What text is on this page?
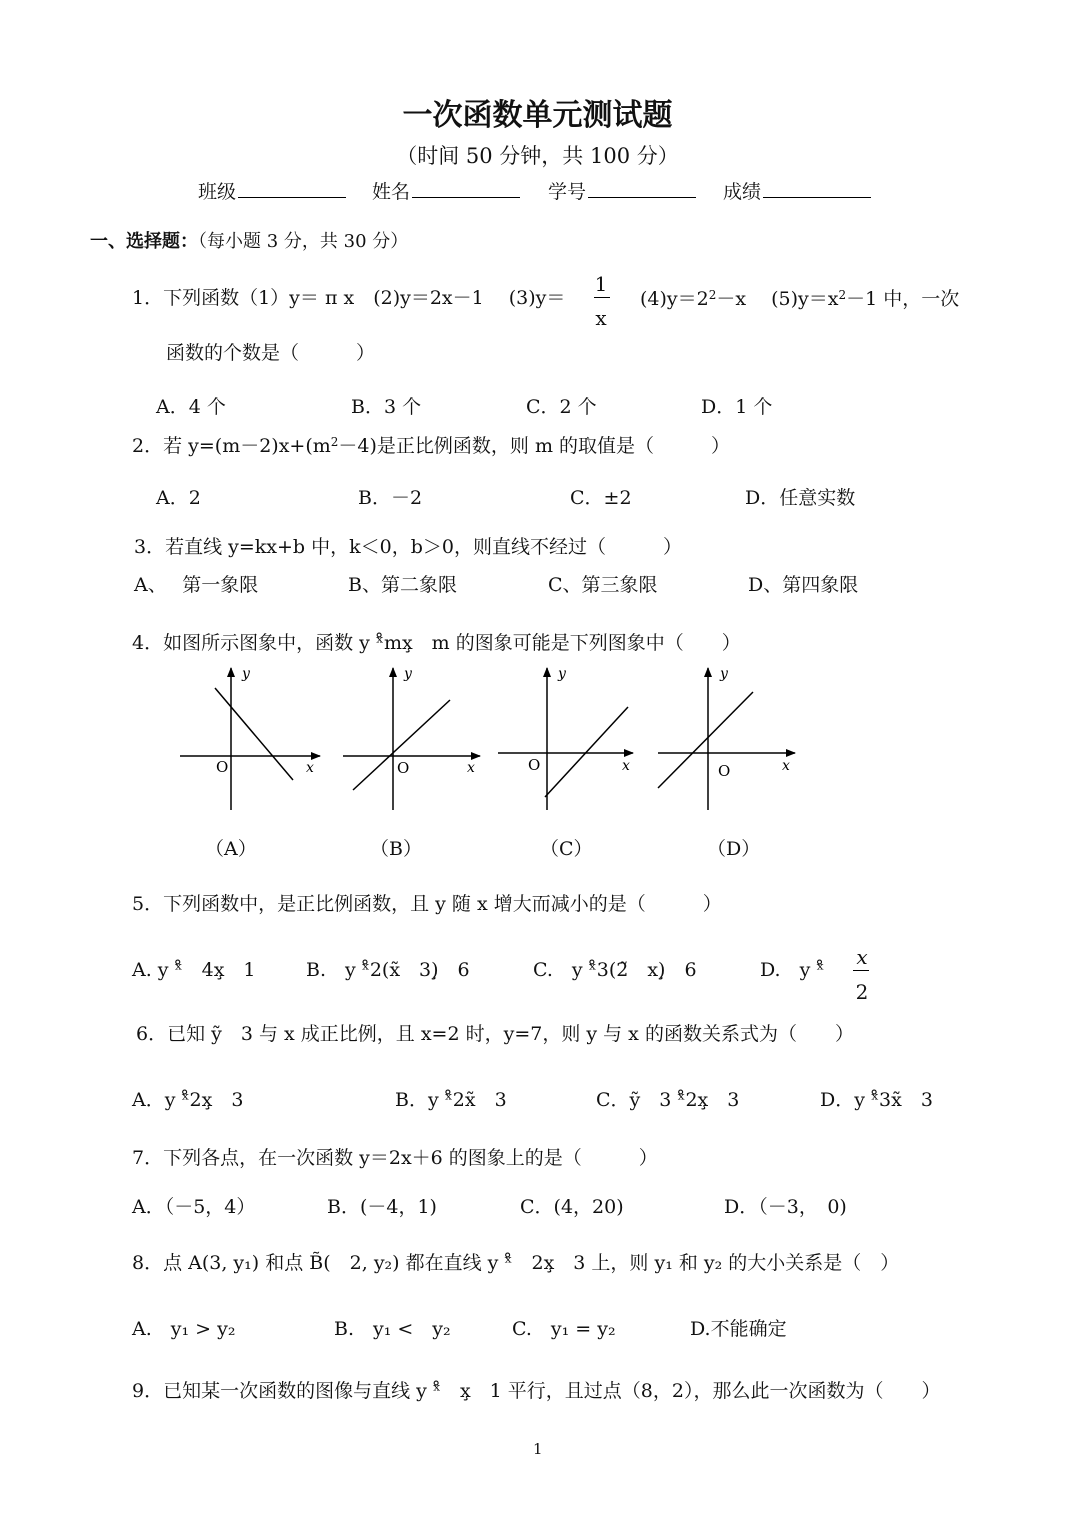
一次函数单元测试题
（时间 50 分钟，共 100 分）
班级	姓名	学号	成绩
一、选择题：（每小题 3 分，共 30 分）
1．下列函数（1）y＝ π x　(2)y＝2x－1　 (3)y＝
1
x
$(4)y=2^2-x$　 $(5)y=x^2-1$ 中，一次
函数的个数是（　　　）
A．4 个	B．3 个	C．2 个	D．1 个
2．若 $y=(m-2)x+(m^2-4)$是正比例函数，则 m 的取值是（　　　）
A．2	B．－2	C．±2	D．任意实数
3．若直线 y=kx+b 中，k＜0，b＞0，则直线不经过（　　　）
A、　 第一象限	B、第二象限	C、第三象限	D、第四象限
4．如图所示图象中，函数 y ˣ̊mx̧　m 的图象可能是下列图象中（　　）
y
x
O
y
x
O
y
x
O
y
x
O
（A）	（B）	（C）	（D）
5．下列函数中，是正比例函数，且 y 随 x 增大而减小的是（　　　）
A. y ˣ̊　4x̧　1	B.　y ˣ̊2(x̃　3)̧　6	C.　y ˣ̊3(2̃　x)̧　6	D.　y ˣ̊
x
2
6．已知 ỹ　3 与 x 成正比例，且 x=2 时，y=7，则 y 与 x 的函数关系式为（　　）
A．y ˣ̊2x̧　3	B．y ˣ̊2x̃　3	C．ỹ　3 ˣ̊2x̧　3	D．y ˣ̊3x̃　3
7．下列各点，在一次函数 y＝2x＋6 的图象上的是（　　　）
A．（－5，4）	B．(－4，1)	C．(4，20)	D．（－3，　0)
8．点 A(3, y₁) 和点 B̃(　2, y₂) 都在直线 y ˣ̊　2x̧　3 上，则 y₁ 和 y₂ 的大小关系是（　）
A.　y₁ > y₂	B.　y₁ <　y₂	C.　y₁ = y₂	D.不能确定
9．已知某一次函数的图像与直线 y ˣ̊　x̧　1 平行，且过点（8，2），那么此一次函数为（　　）
1
